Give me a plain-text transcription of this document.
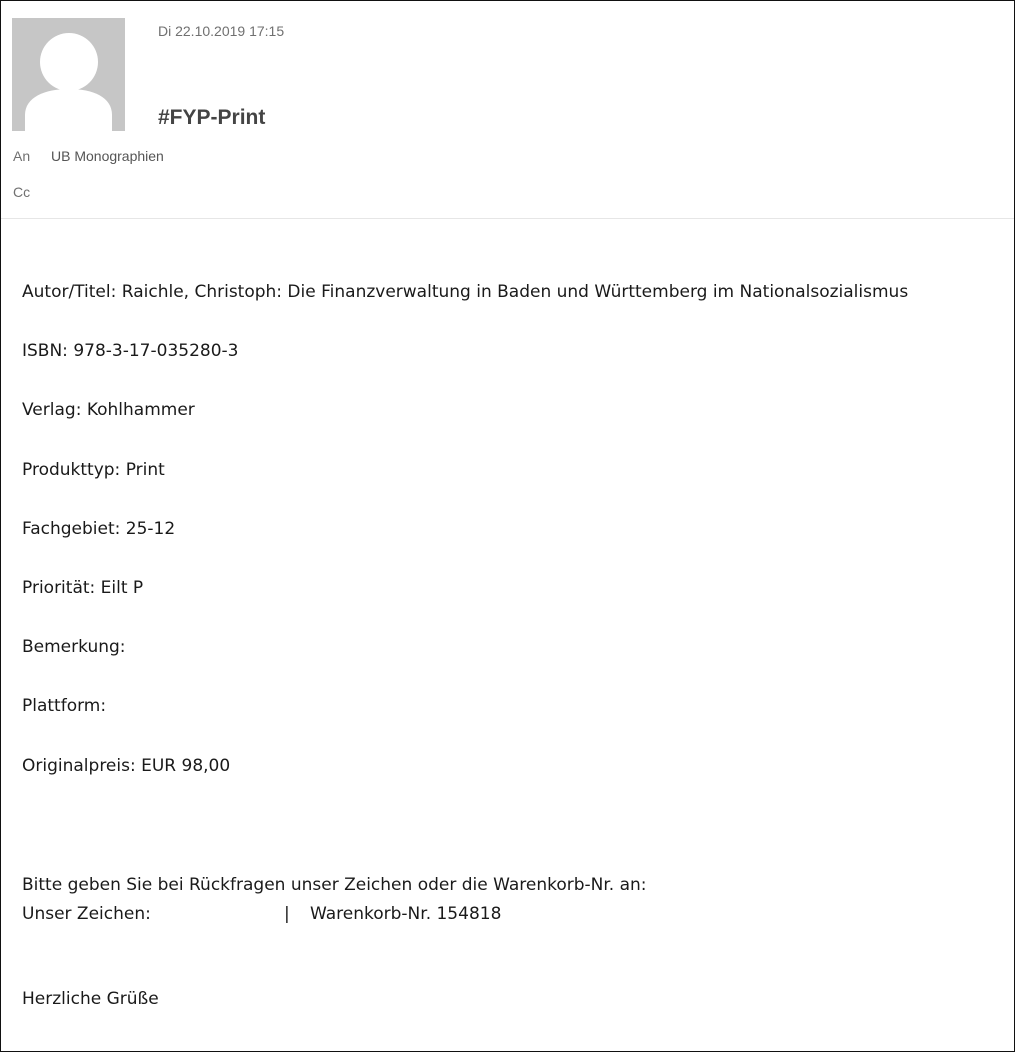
Di 22.10.2019 17:15
#FYP-Print
An UB Monographien
Cc
Autor/Titel: Raichle, Christoph: Die Finanzverwaltung in Baden und Württemberg im Nationalsozialismus
ISBN: 978-3-17-035280-3
Verlag: Kohlhammer
Produkttyp: Print
Fachgebiet: 25-12
Priorität: Eilt P
Bemerkung:
Plattform:
Originalpreis: EUR 98,00
Bitte geben Sie bei Rückfragen unser Zeichen oder die Warenkorb-Nr. an:
Unser Zeichen:	| Warenkorb-Nr. 154818
Herzliche Grüße
